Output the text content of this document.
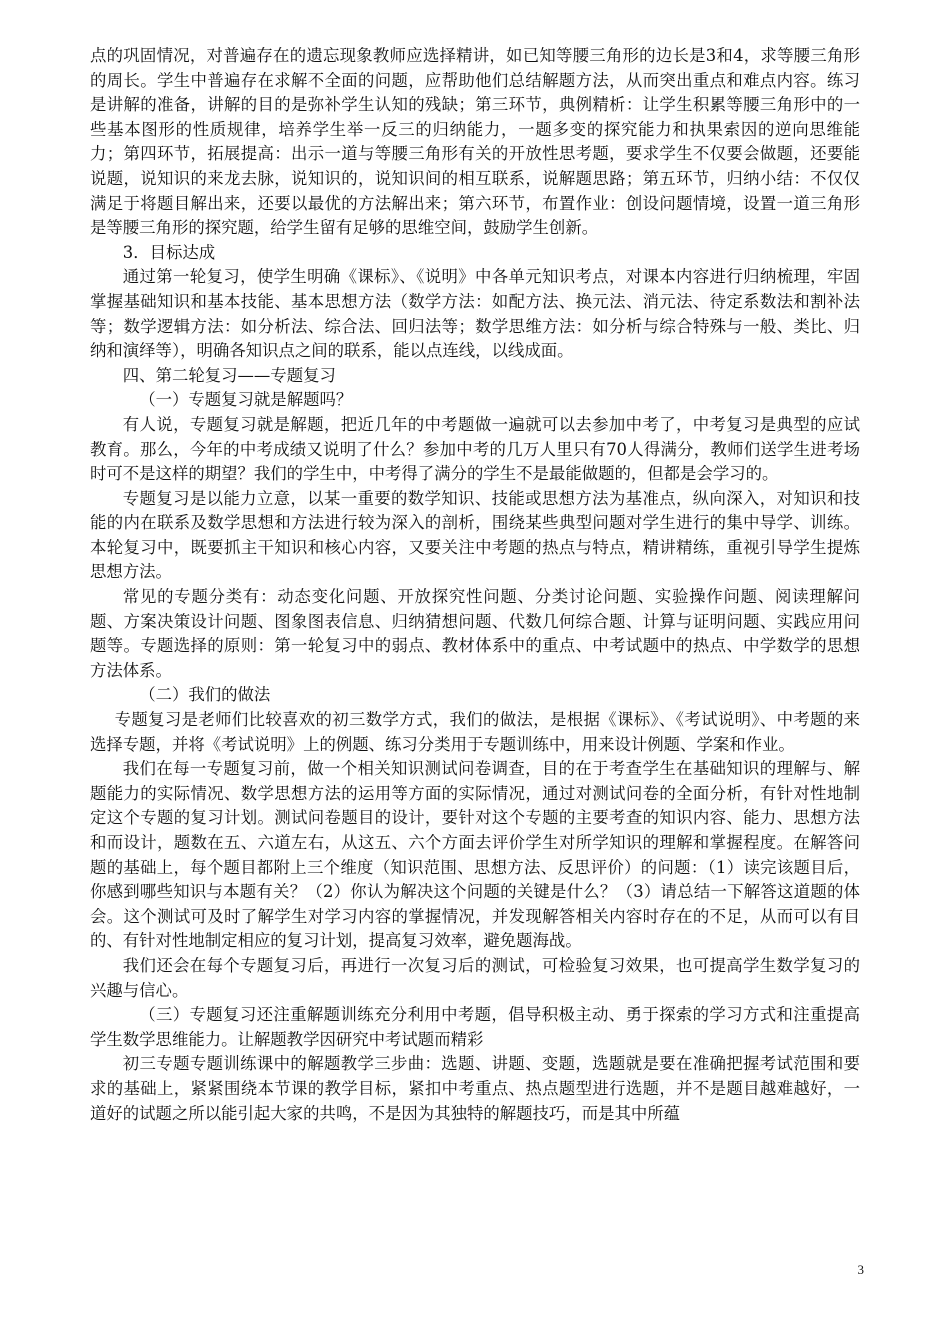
点的巩固情况，对普遍存在的遗忘现象教师应选择精讲，如已知等腰三角形的边长是3和4，求等腰三角形的周长。学生中普遍存在求解不全面的问题，应帮助他们总结解题方法，从而突出重点和难点内容。练习是讲解的准备，讲解的目的是弥补学生认知的残缺；第三环节，典例精析：让学生积累等腰三角形中的一些基本图形的性质规律，培养学生举一反三的归纳能力，一题多变的探究能力和执果索因的逆向思维能力；第四环节，拓展提高：出示一道与等腰三角形有关的开放性思考题，要求学生不仅要会做题，还要能说题，说知识的来龙去脉，说知识的，说知识间的相互联系，说解题思路；第五环节，归纳小结：不仅仅满足于将题目解出来，还要以最优的方法解出来；第六环节，布置作业：创设问题情境，设置一道三角形是等腰三角形的探究题，给学生留有足够的思维空间，鼓励学生创新。

3．目标达成

通过第一轮复习，使学生明确《课标》、《说明》中各单元知识考点，对课本内容进行归纳梳理，牢固掌握基础知识和基本技能、基本思想方法（数学方法：如配方法、换元法、消元法、待定系数法和割补法等；数学逻辑方法：如分析法、综合法、回归法等；数学思维方法：如分析与综合特殊与一般、类比、归纳和演绎等），明确各知识点之间的联系，能以点连线，以线成面。

四、第二轮复习——专题复习

（一）专题复习就是解题吗？

有人说，专题复习就是解题，把近几年的中考题做一遍就可以去参加中考了，中考复习是典型的应试教育。那么，今年的中考成绩又说明了什么？参加中考的几万人里只有70人得满分，教师们送学生进考场时可不是这样的期望？我们的学生中，中考得了满分的学生不是最能做题的，但都是会学习的。

专题复习是以能力立意，以某一重要的数学知识、技能或思想方法为基准点，纵向深入，对知识和技能的内在联系及数学思想和方法进行较为深入的剖析，围绕某些典型问题对学生进行的集中导学、训练。本轮复习中，既要抓主干知识和核心内容，又要关注中考题的热点与特点，精讲精练，重视引导学生提炼思想方法。

常见的专题分类有：动态变化问题、开放探究性问题、分类讨论问题、实验操作问题、阅读理解问题、方案决策设计问题、图象图表信息、归纳猜想问题、代数几何综合题、计算与证明问题、实践应用问题等。专题选择的原则：第一轮复习中的弱点、教材体系中的重点、中考试题中的热点、中学数学的思想方法体系。

（二）我们的做法

专题复习是老师们比较喜欢的初三数学方式，我们的做法，是根据《课标》、《考试说明》、中考题的来选择专题，并将《考试说明》上的例题、练习分类用于专题训练中，用来设计例题、学案和作业。

我们在每一专题复习前，做一个相关知识测试问卷调查，目的在于考查学生在基础知识的理解与、解题能力的实际情况、数学思想方法的运用等方面的实际情况，通过对测试问卷的全面分析，有针对性地制定这个专题的复习计划。测试问卷题目的设计，要针对这个专题的主要考查的知识内容、能力、思想方法和而设计，题数在五、六道左右，从这五、六个方面去评价学生对所学知识的理解和掌握程度。在解答问题的基础上，每个题目都附上三个维度（知识范围、思想方法、反思评价）的问题：（1）读完该题目后，你感到哪些知识与本题有关？（2）你认为解决这个问题的关键是什么？（3）请总结一下解答这道题的体会。这个测试可及时了解学生对学习内容的掌握情况，并发现解答相关内容时存在的不足，从而可以有目的、有针对性地制定相应的复习计划，提高复习效率，避免题海战。

我们还会在每个专题复习后，再进行一次复习后的测试，可检验复习效果，也可提高学生数学复习的兴趣与信心。

（三）专题复习还注重解题训练充分利用中考题，倡导积极主动、勇于探索的学习方式和注重提高学生数学思维能力。让解题教学因研究中考试题而精彩

初三专题专题训练课中的解题教学三步曲：选题、讲题、变题，选题就是要在准确把握考试范围和要求的基础上，紧紧围绕本节课的教学目标，紧扣中考重点、热点题型进行选题，并不是题目越难越好，一道好的试题之所以能引起大家的共鸣，不是因为其独特的解题技巧，而是其中所蕴

3
